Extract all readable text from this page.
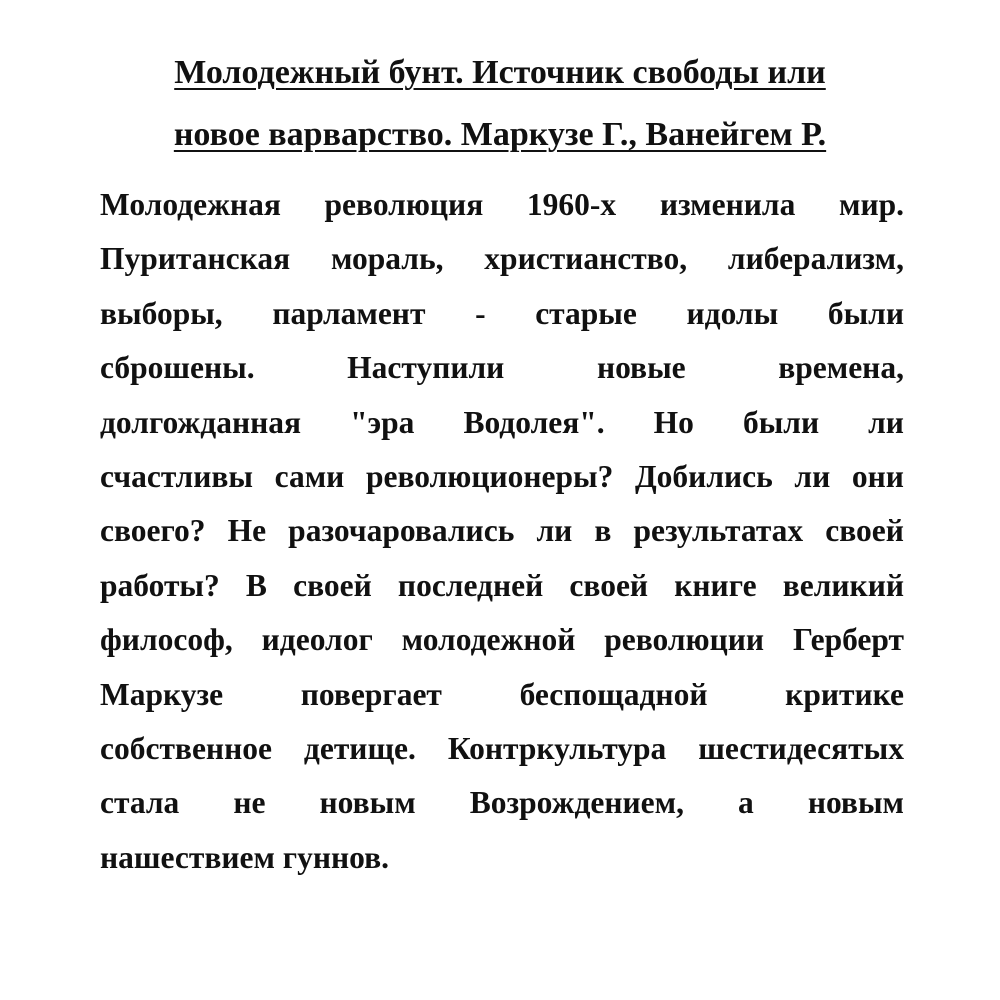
Молодежный бунт. Источник свободы или
новое варварство. Маркузе Г., Ванейгем Р.
Молодежная революция 1960-х изменила мир.
Пуританская мораль, христианство, либерализм,
выборы, парламент - старые идолы были
сброшены.	Наступили	новые	времена,
долгожданная "эра Водолея". Но были ли
счастливы сами революционеры? Добились ли они
своего? Не разочаровались ли в результатах своей
работы? В своей последней своей книге великий
философ, идеолог молодежной революции Герберт
Маркузе повергает беспощадной критике
собственное детище. Контркультура шестидесятых
стала не новым Возрождением, а новым
нашествием гуннов.
